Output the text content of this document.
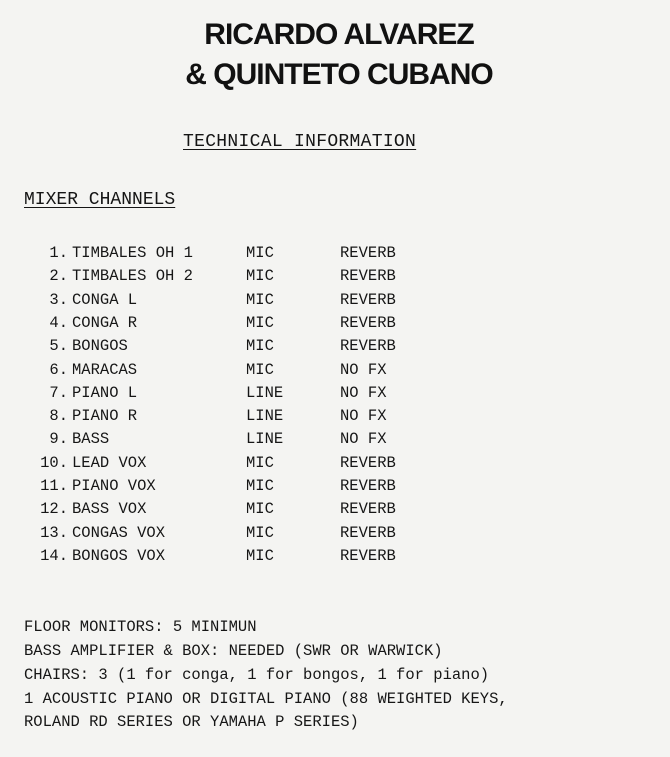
RICARDO ALVAREZ
& QUINTETO CUBANO
TECHNICAL INFORMATION
MIXER CHANNELS
1. TIMBALES OH 1	MIC	REVERB
2. TIMBALES OH 2	MIC	REVERB
3. CONGA L	MIC	REVERB
4. CONGA R	MIC	REVERB
5. BONGOS	MIC	REVERB
6. MARACAS	MIC	NO FX
7. PIANO L	LINE	NO FX
8. PIANO R	LINE	NO FX
9. BASS	LINE	NO FX
10. LEAD VOX	MIC	REVERB
11. PIANO VOX	MIC	REVERB
12. BASS VOX	MIC	REVERB
13. CONGAS VOX	MIC	REVERB
14. BONGOS VOX	MIC	REVERB
FLOOR MONITORS: 5 MINIMUN
BASS AMPLIFIER & BOX: NEEDED (SWR OR WARWICK)
CHAIRS: 3 (1 for conga, 1 for bongos, 1 for piano)
1 ACOUSTIC PIANO OR DIGITAL PIANO (88 WEIGHTED KEYS,
ROLAND RD SERIES OR YAMAHA P SERIES)
